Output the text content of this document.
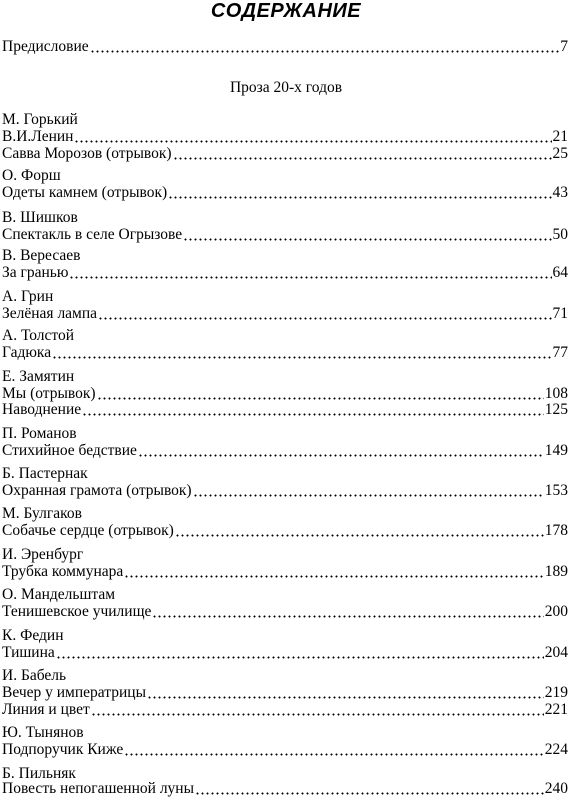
СОДЕРЖАНИЕ
Предисловие	7
Проза 20-х годов
М. Горький
В.И.Ленин	21
Савва Морозов (отрывок)	25
О. Форш
Одеты камнем (отрывок)	43
В. Шишков
Спектакль в селе Огрызове	50
В. Вересаев
За гранью	64
А. Грин
Зелёная лампа	71
А. Толстой
Гадюка	77
Е. Замятин
Мы (отрывок)	108
Наводнение	125
П. Романов
Стихийное бедствие	149
Б. Пастернак
Охранная грамота (отрывок)	153
М. Булгаков
Собачье сердце (отрывок)	178
И. Эренбург
Трубка коммунара	189
О. Мандельштам
Тенишевское училище	200
К. Федин
Тишина	204
И. Бабель
Вечер у императрицы	219
Линия и цвет	221
Ю. Тынянов
Подпоручик Киже	224
Б. Пильняк
Повесть непогашенной луны	240
